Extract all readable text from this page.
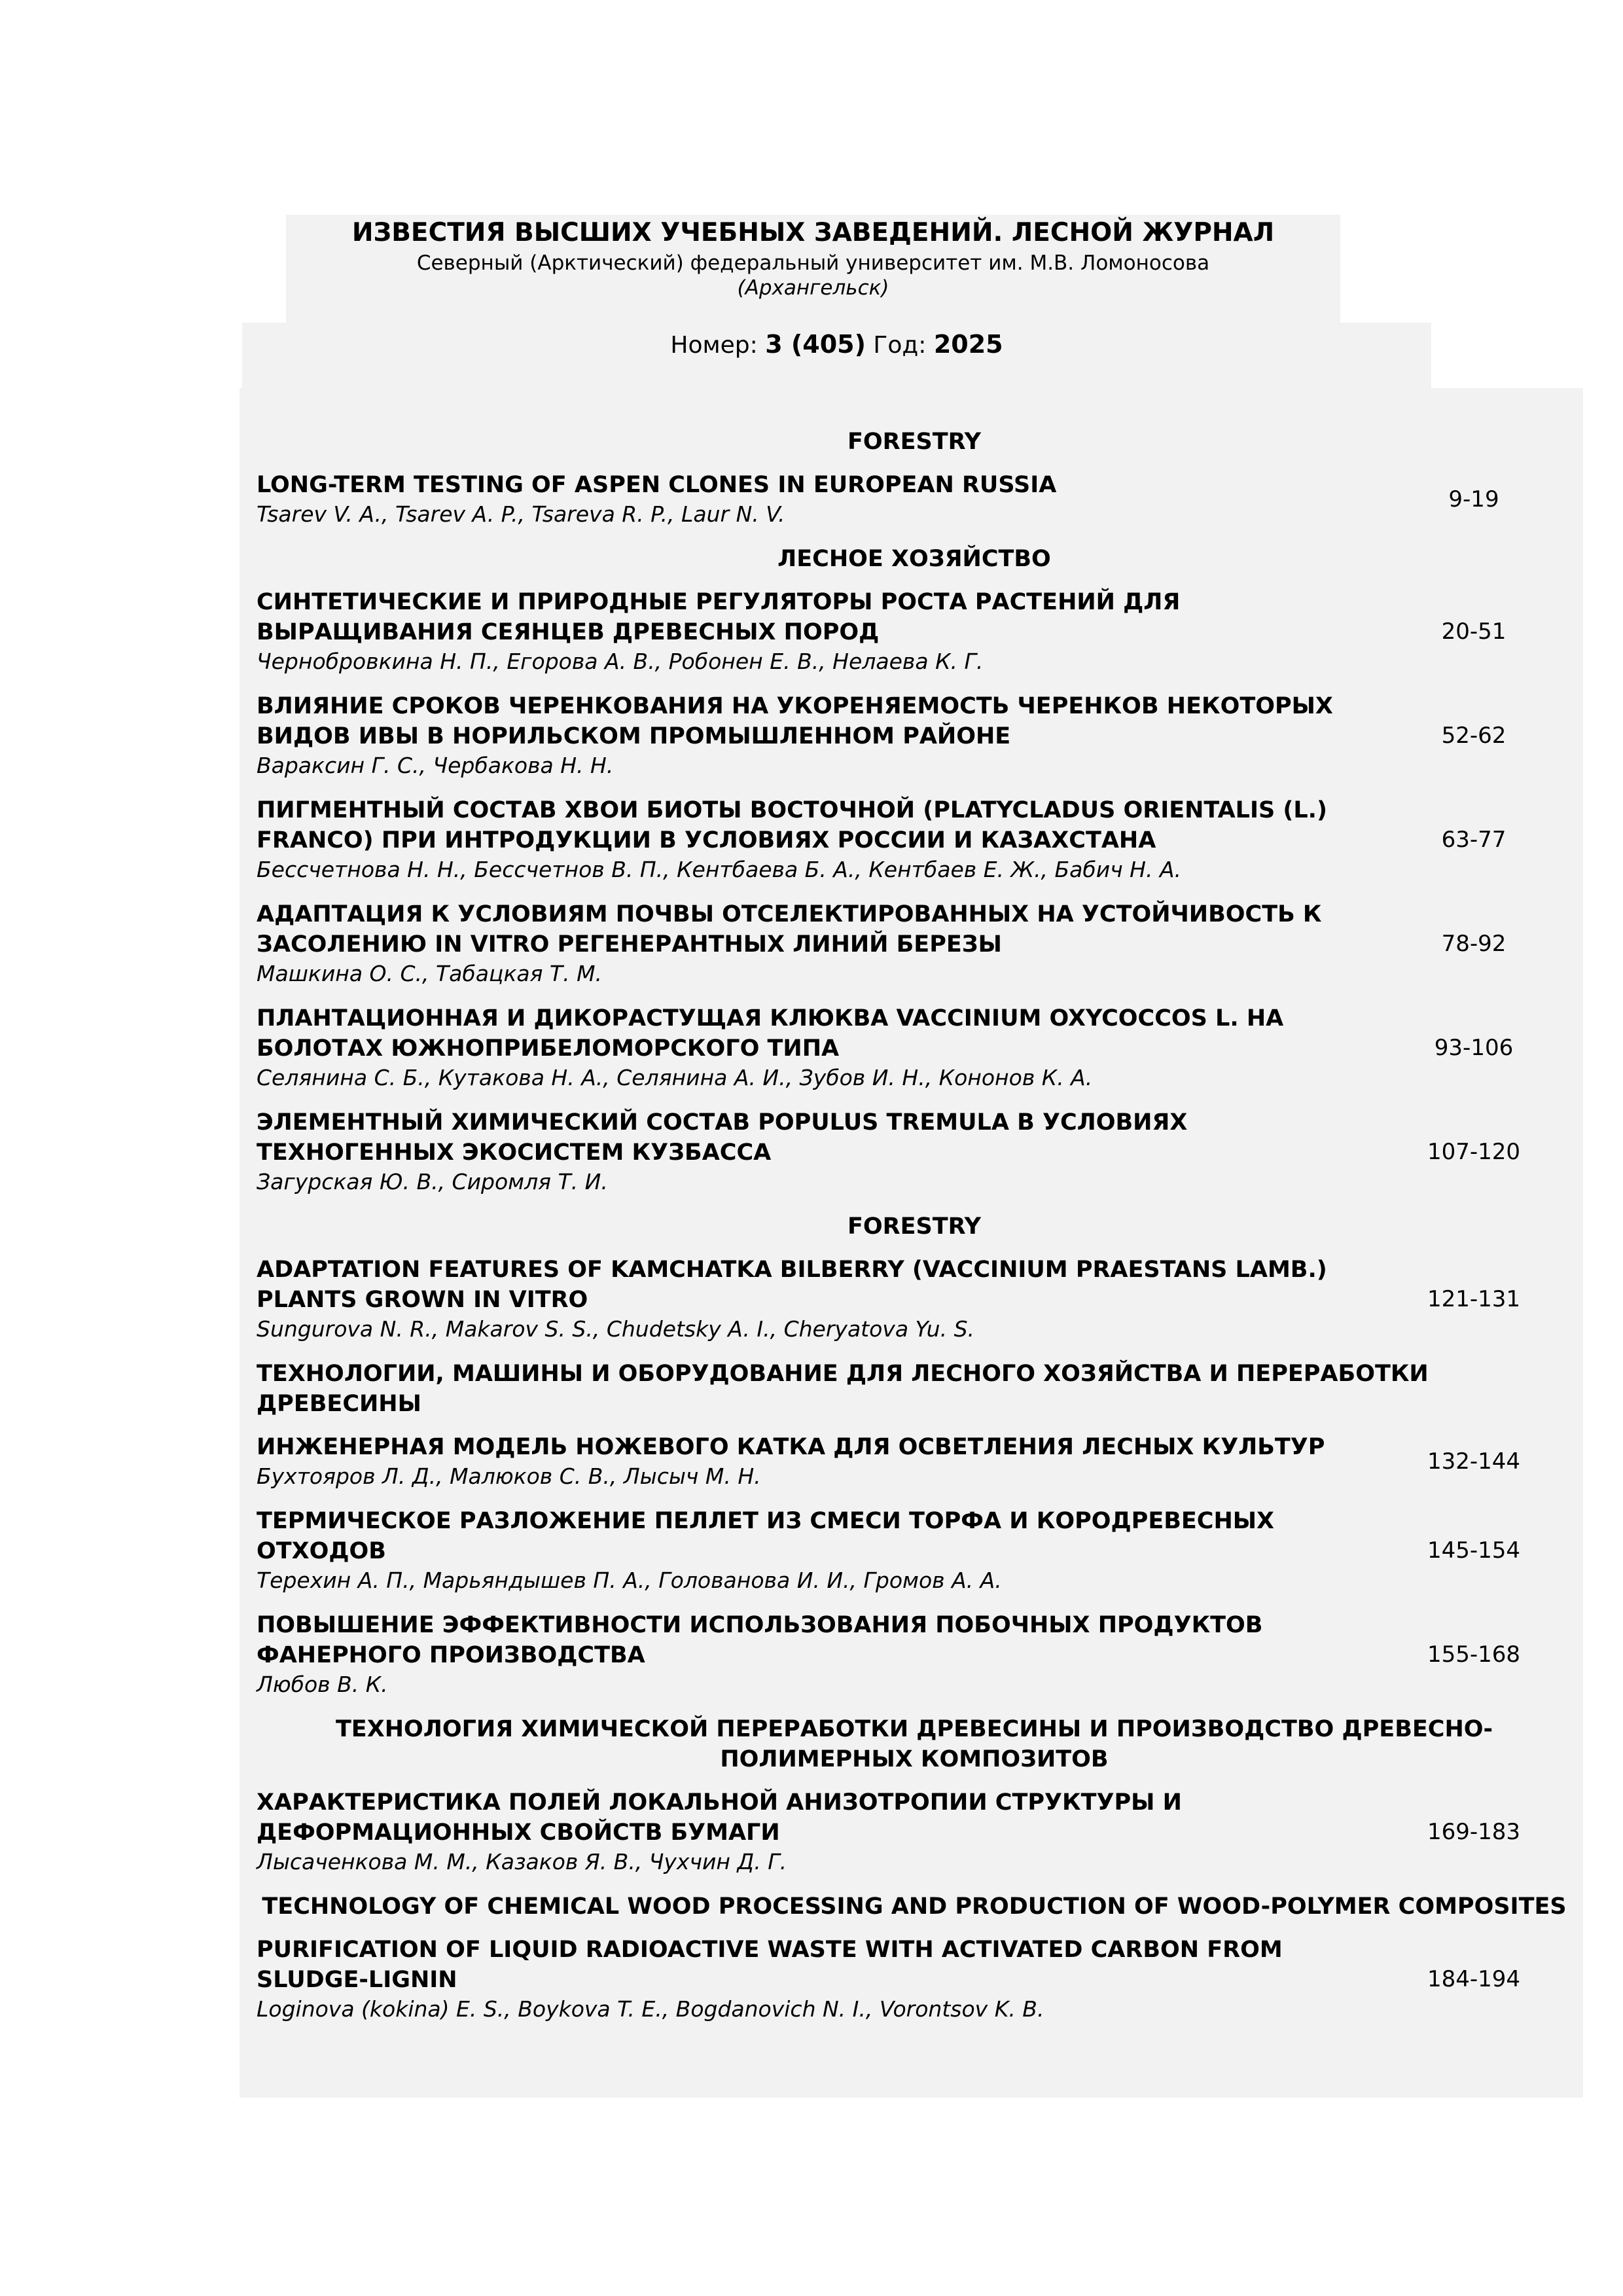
ИЗВЕСТИЯ ВЫСШИХ УЧЕБНЫХ ЗАВЕДЕНИЙ. ЛЕСНОЙ ЖУРНАЛ
Северный (Арктический) федеральный университет им. М.В. Ломоносова
(Архангельск)
Номер: 3 (405) Год: 2025
FORESTRY
LONG-TERM TESTING OF ASPEN CLONES IN EUROPEAN RUSSIA
Tsarev V. A., Tsarev A. P., Tsareva R. P., Laur N. V.
9-19
ЛЕСНОЕ ХОЗЯЙСТВО
СИНТЕТИЧЕСКИЕ И ПРИРОДНЫЕ РЕГУЛЯТОРЫ РОСТА РАСТЕНИЙ ДЛЯ ВЫРАЩИВАНИЯ СЕЯНЦЕВ ДРЕВЕСНЫХ ПОРОД
Чернобровкина Н. П., Егорова А. В., Робонен Е. В., Нелаева К. Г.
20-51
ВЛИЯНИЕ СРОКОВ ЧЕРЕНКОВАНИЯ НА УКОРЕНЯЕМОСТЬ ЧЕРЕНКОВ НЕКОТОРЫХ ВИДОВ ИВЫ В НОРИЛЬСКОМ ПРОМЫШЛЕННОМ РАЙОНЕ
Вараксин Г. С., Чербакова Н. Н.
52-62
ПИГМЕНТНЫЙ СОСТАВ ХВОИ БИОТЫ ВОСТОЧНОЙ (PLATYCLADUS ORIENTALIS (L.) FRANCO) ПРИ ИНТРОДУКЦИИ В УСЛОВИЯХ РОССИИ И КАЗАХСТАНА
Бессчетнова Н. Н., Бессчетнов В. П., Кентбаева Б. А., Кентбаев Е. Ж., Бабич Н. А.
63-77
АДАПТАЦИЯ К УСЛОВИЯМ ПОЧВЫ ОТСЕЛЕКТИРОВАННЫХ НА УСТОЙЧИВОСТЬ К ЗАСОЛЕНИЮ IN VITRO РЕГЕНЕРАНТНЫХ ЛИНИЙ БЕРЕЗЫ
Машкина О. С., Табацкая Т. М.
78-92
ПЛАНТАЦИОННАЯ И ДИКОРАСТУЩАЯ КЛЮКВА VACCINIUM OXYCOCCOS L. НА БОЛОТАХ ЮЖНОПРИБЕЛОМОРСКОГО ТИПА
Селянина С. Б., Кутакова Н. А., Селянина А. И., Зубов И. Н., Кононов К. А.
93-106
ЭЛЕМЕНТНЫЙ ХИМИЧЕСКИЙ СОСТАВ POPULUS TREMULA В УСЛОВИЯХ ТЕХНОГЕННЫХ ЭКОСИСТЕМ КУЗБАССА
Загурская Ю. В., Сиромля Т. И.
107-120
FORESTRY
ADAPTATION FEATURES OF KAMCHATKA BILBERRY (VACCINIUM PRAESTANS LAMB.) PLANTS GROWN IN VITRO
Sungurova N. R., Makarov S. S., Chudetsky A. I., Cheryatova Yu. S.
121-131
ТЕХНОЛОГИИ, МАШИНЫ И ОБОРУДОВАНИЕ ДЛЯ ЛЕСНОГО ХОЗЯЙСТВА И ПЕРЕРАБОТКИ ДРЕВЕСИНЫ
ИНЖЕНЕРНАЯ МОДЕЛЬ НОЖЕВОГО КАТКА ДЛЯ ОСВЕТЛЕНИЯ ЛЕСНЫХ КУЛЬТУР
Бухтояров Л. Д., Малюков С. В., Лысыч М. Н.
132-144
ТЕРМИЧЕСКОЕ РАЗЛОЖЕНИЕ ПЕЛЛЕТ ИЗ СМЕСИ ТОРФА И КОРОДРЕВЕСНЫХ ОТХОДОВ
Терехин А. П., Марьяндышев П. А., Голованова И. И., Громов А. А.
145-154
ПОВЫШЕНИЕ ЭФФЕКТИВНОСТИ ИСПОЛЬЗОВАНИЯ ПОБОЧНЫХ ПРОДУКТОВ ФАНЕРНОГО ПРОИЗВОДСТВА
Любов В. К.
155-168
ТЕХНОЛОГИЯ ХИМИЧЕСКОЙ ПЕРЕРАБОТКИ ДРЕВЕСИНЫ И ПРОИЗВОДСТВО ДРЕВЕСНО-ПОЛИМЕРНЫХ КОМПОЗИТОВ
ХАРАКТЕРИСТИКА ПОЛЕЙ ЛОКАЛЬНОЙ АНИЗОТРОПИИ СТРУКТУРЫ И ДЕФОРМАЦИОННЫХ СВОЙСТВ БУМАГИ
Лысаченкова М. М., Казаков Я. В., Чухчин Д. Г.
169-183
TECHNOLOGY OF CHEMICAL WOOD PROCESSING AND PRODUCTION OF WOOD-POLYMER COMPOSITES
PURIFICATION OF LIQUID RADIOACTIVE WASTE WITH ACTIVATED CARBON FROM SLUDGE-LIGNIN
Loginova (kokina) E. S., Boykova T. E., Bogdanovich N. I., Vorontsov K. B.
184-194
